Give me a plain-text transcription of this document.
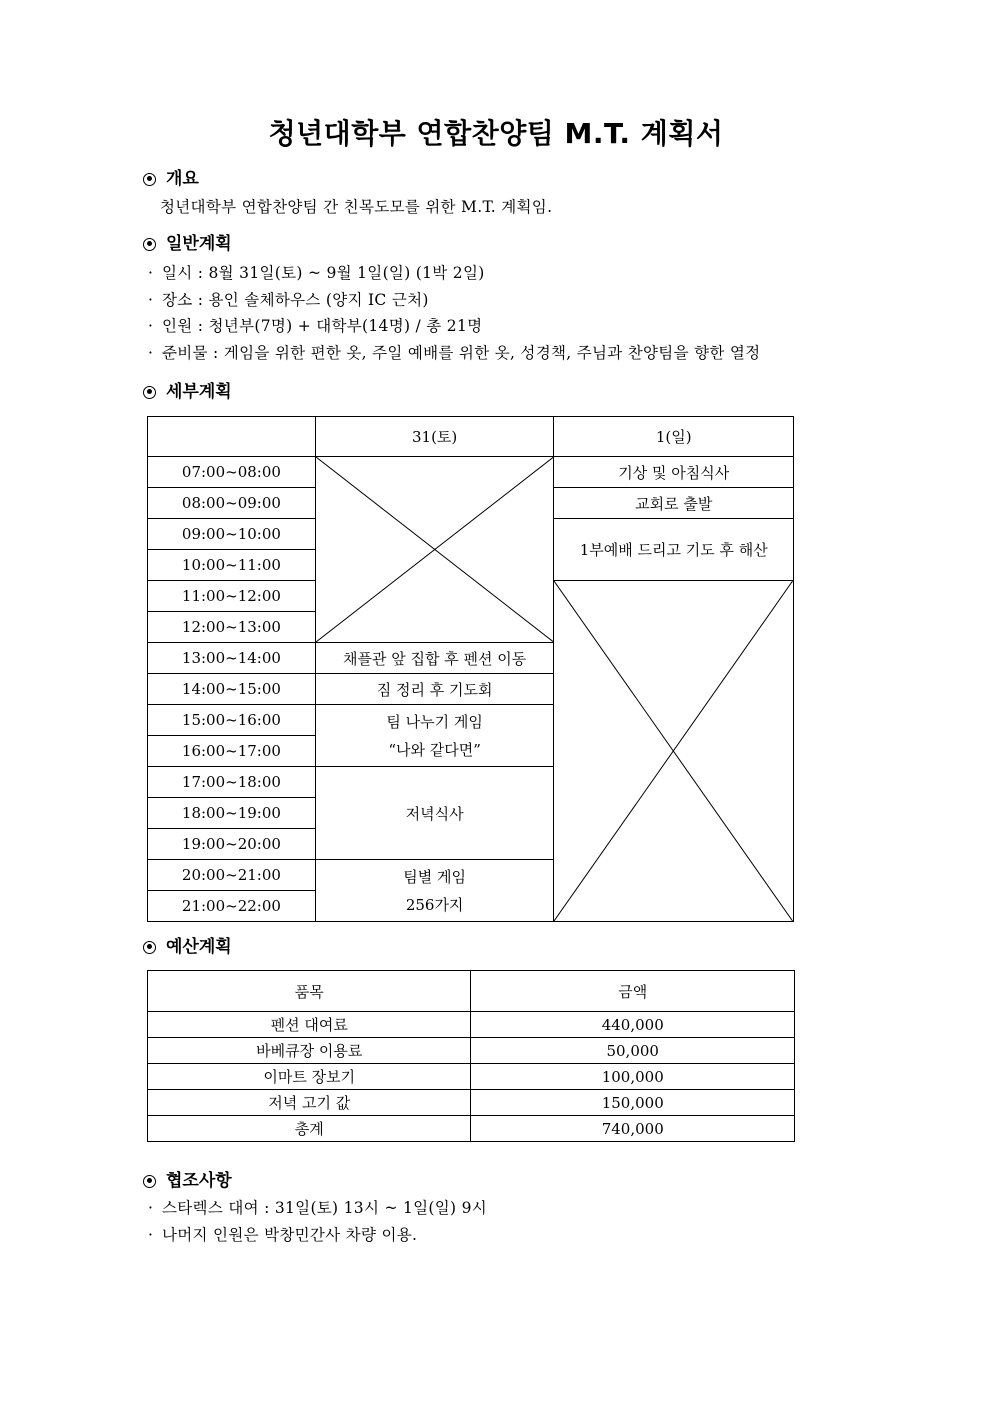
청년대학부 연합찬양팀 M.T. 계획서
개요
청년대학부 연합찬양팀 간 친목도모를 위한 M.T. 계획임.
일반계획
· 일시 : 8월 31일(토) ~ 9월 1일(일) (1박 2일)
· 장소 : 용인 솔체하우스 (양지 IC 근처)
· 인원 : 청년부(7명) + 대학부(14명) / 총 21명
· 준비물 : 게임을 위한 편한 옷, 주일 예배를 위한 옷, 성경책, 주님과 찬양팀을 향한 열정
세부계획
	31(토)	1(일)
07:00~08:00		기상 및 아침식사
08:00~09:00		교회로 출발
09:00~10:00		1부예배 드리고 기도 후 해산
10:00~11:00		
11:00~12:00	

12:00~13:00		
13:00~14:00	채플관 앞 집합 후 펜션 이동	
14:00~15:00	짐 정리 후 기도회	
15:00~16:00	팀 나누기 게임
“나와 같다면”	

16:00~17:00		
17:00~18:00	저녁식사	
18:00~19:00		
19:00~20:00		
20:00~21:00	팀별 게임
256가지	

21:00~22:00		
예산계획
품목	금액
펜션 대여료	440,000
바베큐장 이용료	50,000
이마트 장보기	100,000
저녁 고기 값	150,000
총계	740,000
협조사항
· 스타렉스 대여 : 31일(토) 13시 ~ 1일(일) 9시
· 나머지 인원은 박창민간사 차량 이용.
